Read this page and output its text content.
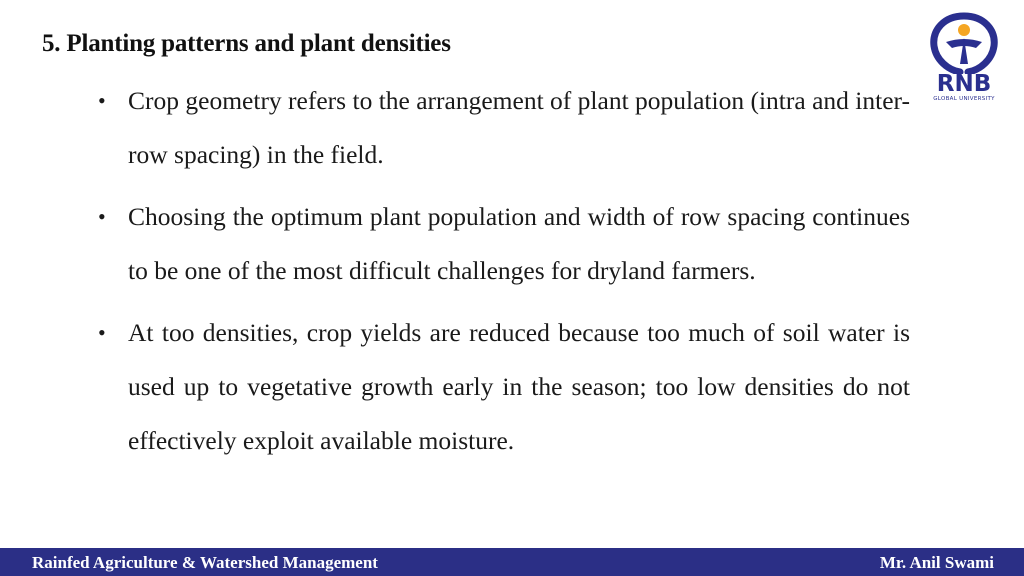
5. Planting patterns and plant densities
RNB
GLOBAL UNIVERSITY
• Crop geometry refers to the arrangement of plant population (intra and inter-row spacing) in the field.
• Choosing the optimum plant population and width of row spacing continues to be one of the most difficult challenges for dryland farmers.
• At too densities, crop yields are reduced because too much of soil water is used up to vegetative growth early in the season; too low densities do not effectively exploit available moisture.
Rainfed Agriculture & Watershed Management	Mr. Anil Swami
